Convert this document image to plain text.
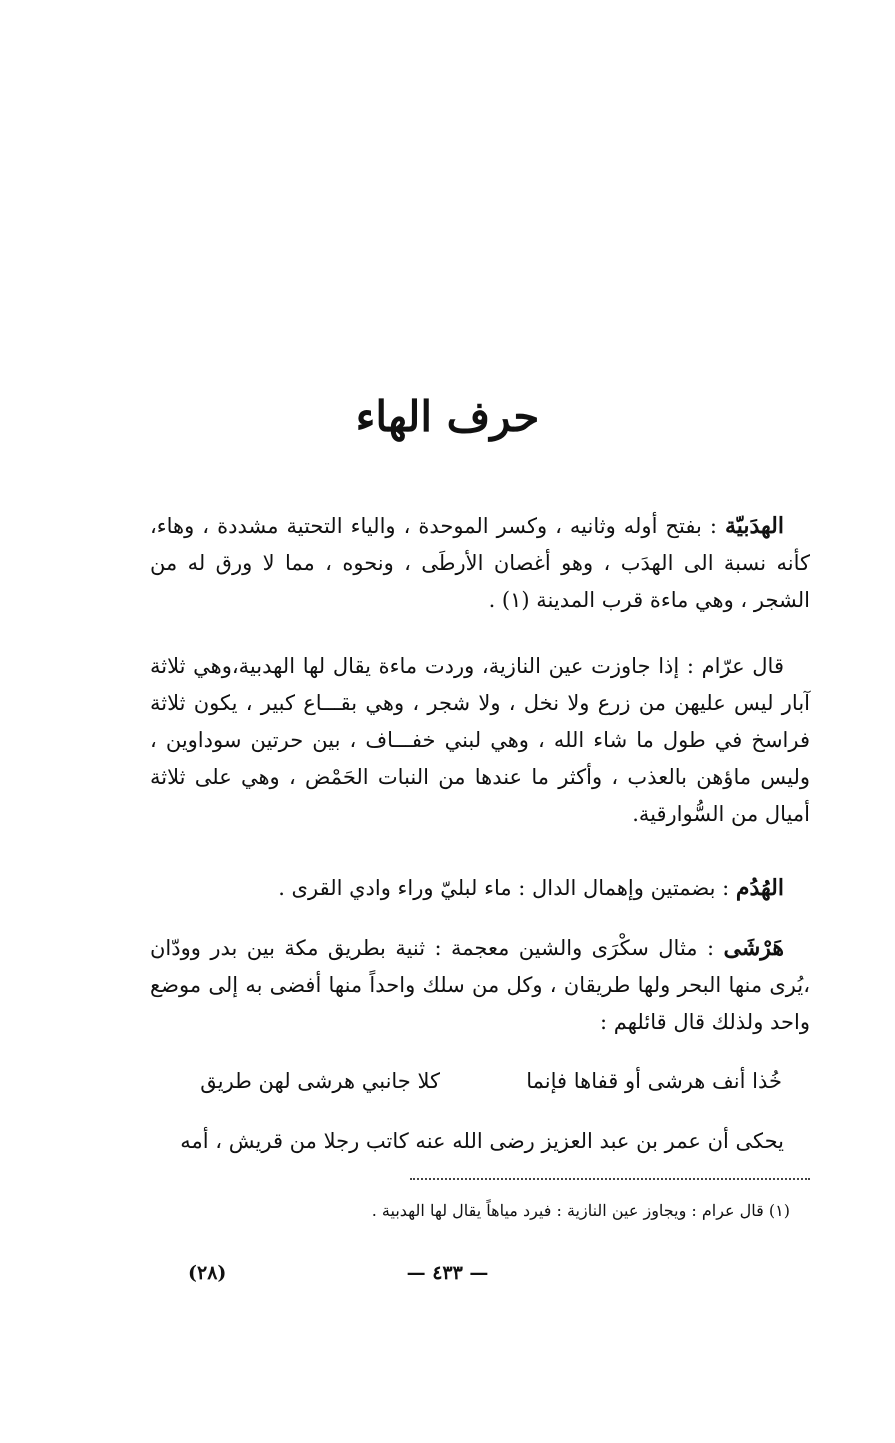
حرف الهاء

الهدَبيّة : بفتح أوله وثانيه ، وكسر الموحدة ، والياء التحتية مشددة ، وهاء، كأنه نسبة الى الهدَب ، وهو أغصان الأرطَى ، ونحوه ، مما لا ورق له من الشجر ، وهي ماءة قرب المدينة (١) .

قال عرّام : إذا جاوزت عين النازية، وردت ماءة يقال لها الهدبية،وهي ثلاثة آبار ليس عليهن من زرع ولا نخل ، ولا شجر ، وهي بقـــاع كبير ، يكون ثلاثة فراسخ في طول ما شاء الله ، وهي لبني خفـــاف ، بين حرتين سوداوين ، وليس ماؤهن بالعذب ، وأكثر ما عندها من النبات الحَمْض ، وهي على ثلاثة أميال من السُّوارقية.

الهُدُم : بضمتين وإهمال الدال : ماء لبليّ وراء وادي القرى .

هَرْشَى : مثال سكْرَى والشين معجمة : ثنية بطريق مكة بين بدر وودّان ،يُرى منها البحر ولها طريقان ، وكل من سلك واحداً منها أفضى به إلى موضع واحد ولذلك قال قائلهم :

خُذا أنف هرشى أو قفاها فإنما
كلا جانبي هرشى لهن طريق

يحكى أن عمر بن عبد العزيز رضى الله عنه كاتب رجلا من قريش ، أمه

(١) قال عرام : ويجاوز عين النازية : فيرد مياهاً يقال لها الهدبية .
— ٤٣٣ —
(٢٨)
